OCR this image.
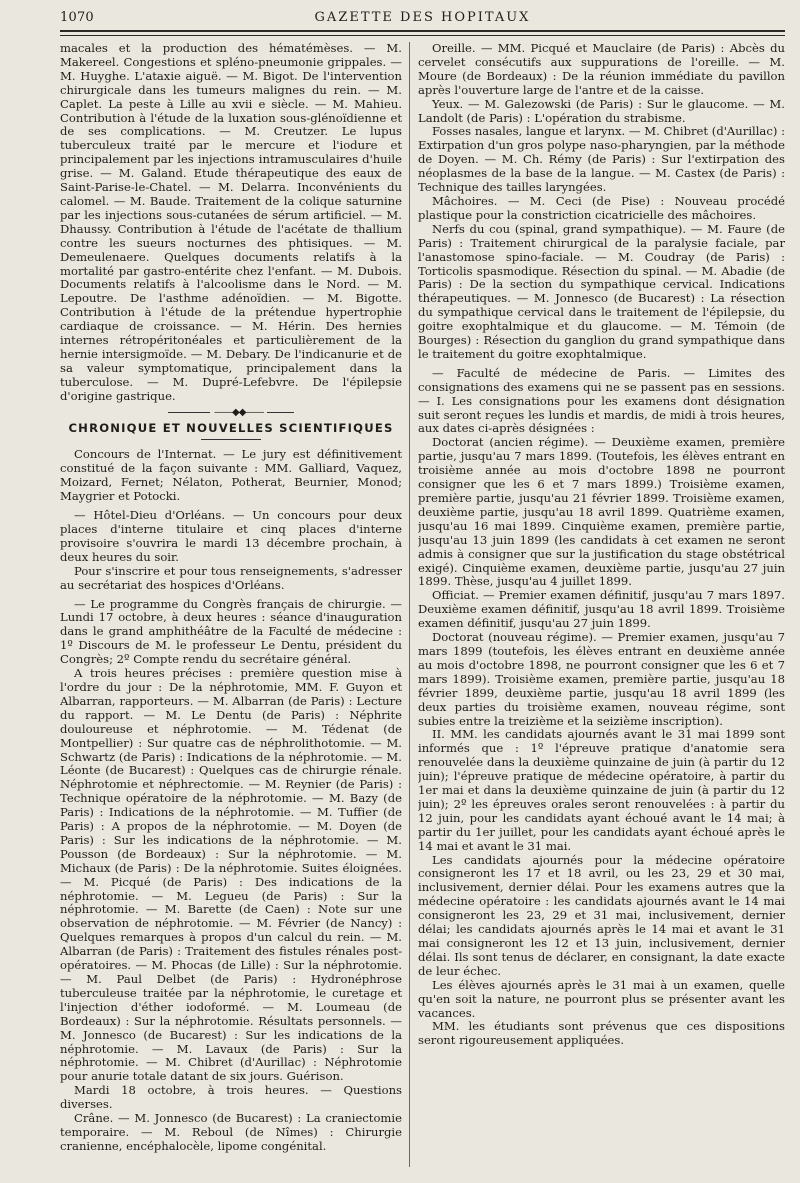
1070	GAZETTE DES HOPITAUX

macales et la production des hématémèses. — M. Makereel. Congestions et spléno-pneumonie grippales. — M. Huyghe. L'ataxie aiguë. — M. Bigot. De l'intervention chirurgicale dans les tumeurs malignes du rein. — M. Caplet. La peste à Lille au xvii e siècle. — M. Mahieu. Contribution à l'étude de la luxation sous-glénoïdienne et de ses complications. — M. Creutzer. Le lupus tuberculeux traité par le mercure et l'iodure et principalement par les injections intramusculaires d'huile grise. — M. Galand. Etude thérapeutique des eaux de Saint-Parise-le-Chatel. — M. Delarra. Inconvénients du calomel. — M. Baude. Traitement de la colique saturnine par les injections sous-cutanées de sérum artificiel. — M. Dhaussy. Contribution à l'étude de l'acétate de thallium contre les sueurs nocturnes des phtisiques. — M. Demeulenaere. Quelques documents relatifs à la mortalité par gastro-entérite chez l'enfant. — M. Dubois. Documents relatifs à l'alcoolisme dans le Nord. — M. Lepoutre. De l'asthme adénoïdien. — M. Bigotte. Contribution à l'étude de la prétendue hypertrophie cardiaque de croissance. — M. Hérin. Des hernies internes rétropéritonéales et particulièrement de la hernie intersigmoïde. — M. Debary. De l'indicanurie et de sa valeur symptomatique, principalement dans la tuberculose. — M. Dupré-Lefebvre. De l'épilepsie d'origine gastrique.

——◆◆——
CHRONIQUE ET NOUVELLES SCIENTIFIQUES

Concours de l'Internat. — Le jury est définitivement constitué de la façon suivante : MM. Galliard, Vaquez, Moizard, Fernet; Nélaton, Potherat, Beurnier, Monod; Maygrier et Potocki.

— Hôtel-Dieu d'Orléans. — Un concours pour deux places d'interne titulaire et cinq places d'interne provisoire s'ouvrira le mardi 13 décembre prochain, à deux heures du soir.

Pour s'inscrire et pour tous renseignements, s'adresser au secrétariat des hospices d'Orléans.

— Le programme du Congrès français de chirurgie. — Lundi 17 octobre, à deux heures : séance d'inauguration dans le grand amphithéâtre de la Faculté de médecine : 1º Discours de M. le professeur Le Dentu, président du Congrès; 2º Compte rendu du secrétaire général.

A trois heures précises : première question mise à l'ordre du jour : De la néphrotomie, MM. F. Guyon et Albarran, rapporteurs. — M. Albarran (de Paris) : Lecture du rapport. — M. Le Dentu (de Paris) : Néphrite douloureuse et néphrotomie. — M. Tédenat (de Montpellier) : Sur quatre cas de néphrolithotomie. — M. Schwartz (de Paris) : Indications de la néphrotomie. — M. Léonte (de Bucarest) : Quelques cas de chirurgie rénale. Néphrotomie et néphrectomie. — M. Reynier (de Paris) : Technique opératoire de la néphrotomie. — M. Bazy (de Paris) : Indications de la néphrotomie. — M. Tuffier (de Paris) : A propos de la néphrotomie. — M. Doyen (de Paris) : Sur les indications de la néphrotomie. — M. Pousson (de Bordeaux) : Sur la néphrotomie. — M. Michaux (de Paris) : De la néphrotomie. Suites éloignées. — M. Picqué (de Paris) : Des indications de la néphrotomie. — M. Legueu (de Paris) : Sur la néphrotomie. — M. Barette (de Caen) : Note sur une observation de néphrotomie. — M. Février (de Nancy) : Quelques remarques à propos d'un calcul du rein. — M. Albarran (de Paris) : Traitement des fistules rénales post-opératoires. — M. Phocas (de Lille) : Sur la néphrotomie. — M. Paul Delbet (de Paris) : Hydronéphrose tuberculeuse traitée par la néphrotomie, le curetage et l'injection d'éther iodoformé. — M. Loumeau (de Bordeaux) : Sur la néphrotomie. Résultats personnels. — M. Jonnesco (de Bucarest) : Sur les indications de la néphrotomie. — M. Lavaux (de Paris) : Sur la néphrotomie. — M. Chibret (d'Aurillac) : Néphrotomie pour anurie totale datant de six jours. Guérison.

Mardi 18 octobre, à trois heures. — Questions diverses.

Crâne. — M. Jonnesco (de Bucarest) : La craniectomie temporaire. — M. Reboul (de Nîmes) : Chirurgie cranienne, encéphalocèle, lipome congénital.

Oreille. — MM. Picqué et Mauclaire (de Paris) : Abcès du cervelet consécutifs aux suppurations de l'oreille. — M. Moure (de Bordeaux) : De la réunion immédiate du pavillon après l'ouverture large de l'antre et de la caisse.

Yeux. — M. Galezowski (de Paris) : Sur le glaucome. — M. Landolt (de Paris) : L'opération du strabisme.

Fosses nasales, langue et larynx. — M. Chibret (d'Aurillac) : Extirpation d'un gros polype naso-pharyngien, par la méthode de Doyen. — M. Ch. Rémy (de Paris) : Sur l'extirpation des néoplasmes de la base de la langue. — M. Castex (de Paris) : Technique des tailles laryngées.

Mâchoires. — M. Ceci (de Pise) : Nouveau procédé plastique pour la constriction cicatricielle des mâchoires.

Nerfs du cou (spinal, grand sympathique). — M. Faure (de Paris) : Traitement chirurgical de la paralysie faciale, par l'anastomose spino-faciale. — M. Coudray (de Paris) : Torticolis spasmodique. Résection du spinal. — M. Abadie (de Paris) : De la section du sympathique cervical. Indications thérapeutiques. — M. Jonnesco (de Bucarest) : La résection du sympathique cervical dans le traitement de l'épilepsie, du goitre exophtalmique et du glaucome. — M. Témoin (de Bourges) : Résection du ganglion du grand sympathique dans le traitement du goitre exophtalmique.

— Faculté de médecine de Paris. — Limites des consignations des examens qui ne se passent pas en sessions. — I. Les consignations pour les examens dont désignation suit seront reçues les lundis et mardis, de midi à trois heures, aux dates ci-après désignées :

Doctorat (ancien régime). — Deuxième examen, première partie, jusqu'au 7 mars 1899. (Toutefois, les élèves entrant en troisième année au mois d'octobre 1898 ne pourront consigner que les 6 et 7 mars 1899.) Troisième examen, première partie, jusqu'au 21 février 1899. Troisième examen, deuxième partie, jusqu'au 18 avril 1899. Quatrième examen, jusqu'au 16 mai 1899. Cinquième examen, première partie, jusqu'au 13 juin 1899 (les candidats à cet examen ne seront admis à consigner que sur la justification du stage obstétrical exigé). Cinquième examen, deuxième partie, jusqu'au 27 juin 1899. Thèse, jusqu'au 4 juillet 1899.

Officiat. — Premier examen définitif, jusqu'au 7 mars 1897. Deuxième examen définitif, jusqu'au 18 avril 1899. Troisième examen définitif, jusqu'au 27 juin 1899.

Doctorat (nouveau régime). — Premier examen, jusqu'au 7 mars 1899 (toutefois, les élèves entrant en deuxième année au mois d'octobre 1898, ne pourront consigner que les 6 et 7 mars 1899). Troisième examen, première partie, jusqu'au 18 février 1899, deuxième partie, jusqu'au 18 avril 1899 (les deux parties du troisième examen, nouveau régime, sont subies entre la treizième et la seizième inscription).

II. MM. les candidats ajournés avant le 31 mai 1899 sont informés que : 1º l'épreuve pratique d'anatomie sera renouvelée dans la deuxième quinzaine de juin (à partir du 12 juin); l'épreuve pratique de médecine opératoire, à partir du 1er mai et dans la deuxième quinzaine de juin (à partir du 12 juin); 2º les épreuves orales seront renouvelées : à partir du 12 juin, pour les candidats ayant échoué avant le 14 mai; à partir du 1er juillet, pour les candidats ayant échoué après le 14 mai et avant le 31 mai.

Les candidats ajournés pour la médecine opératoire consigneront les 17 et 18 avril, ou les 23, 29 et 30 mai, inclusivement, dernier délai. Pour les examens autres que la médecine opératoire : les candidats ajournés avant le 14 mai consigneront les 23, 29 et 31 mai, inclusivement, dernier délai; les candidats ajournés après le 14 mai et avant le 31 mai consigneront les 12 et 13 juin, inclusivement, dernier délai. Ils sont tenus de déclarer, en consignant, la date exacte de leur échec.

Les élèves ajournés après le 31 mai à un examen, quelle qu'en soit la nature, ne pourront plus se présenter avant les vacances.

MM. les étudiants sont prévenus que ces dispositions seront rigoureusement appliquées.
